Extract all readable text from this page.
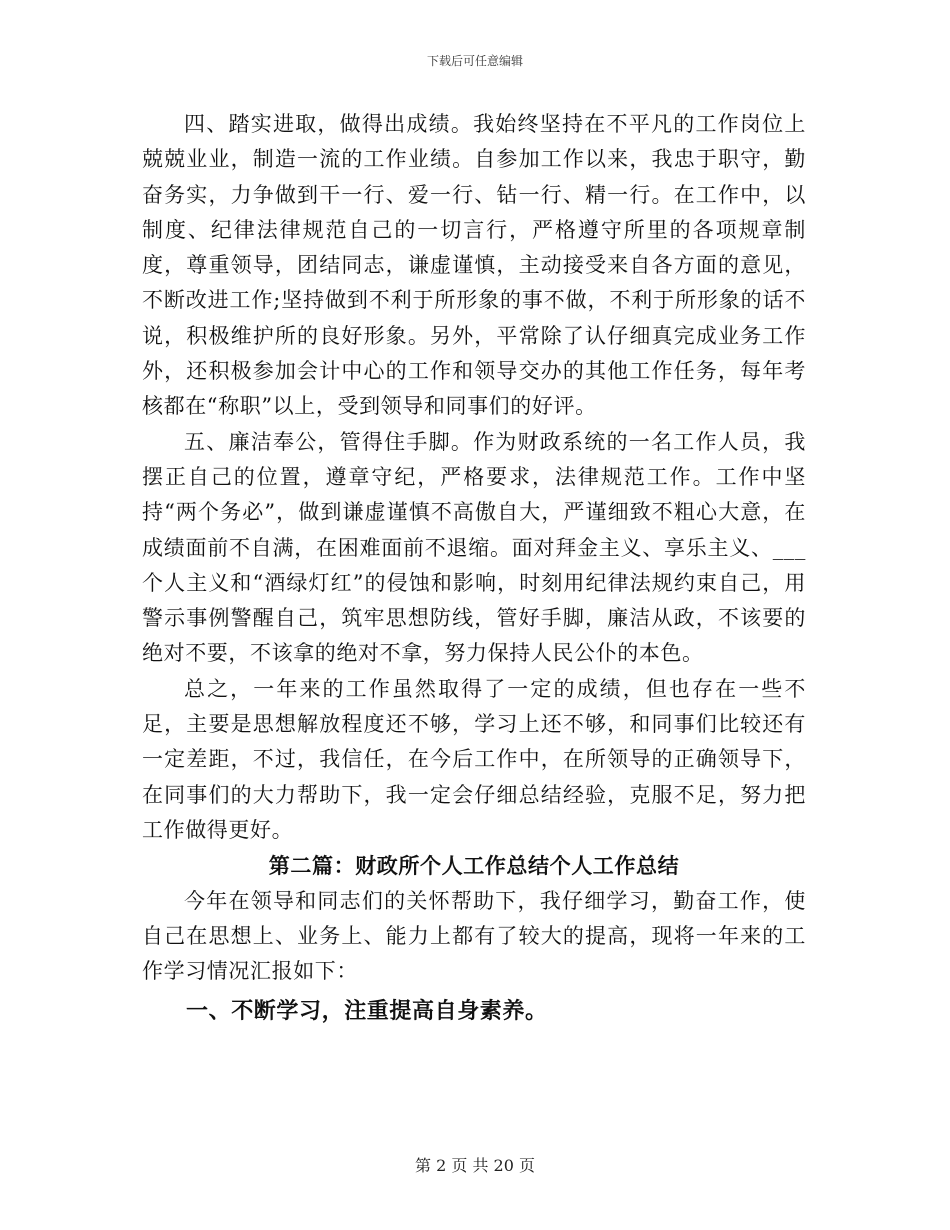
下载后可任意编辑

四、踏实进取，做得出成绩。我始终坚持在不平凡的工作岗位上兢兢业业，制造一流的工作业绩。自参加工作以来，我忠于职守，勤奋务实，力争做到干一行、爱一行、钻一行、精一行。在工作中，以制度、纪律法律规范自己的一切言行，严格遵守所里的各项规章制度，尊重领导，团结同志，谦虚谨慎，主动接受来自各方面的意见，不断改进工作;坚持做到不利于所形象的事不做，不利于所形象的话不说，积极维护所的良好形象。另外，平常除了认仔细真完成业务工作外，还积极参加会计中心的工作和领导交办的其他工作任务，每年考核都在“称职”以上，受到领导和同事们的好评。

五、廉洁奉公，管得住手脚。作为财政系统的一名工作人员，我摆正自己的位置，遵章守纪，严格要求，法律规范工作。工作中坚持“两个务必”，做到谦虚谨慎不高傲自大，严谨细致不粗心大意，在成绩面前不自满，在困难面前不退缩。面对拜金主义、享乐主义、___个人主义和“酒绿灯红”的侵蚀和影响，时刻用纪律法规约束自己，用警示事例警醒自己，筑牢思想防线，管好手脚，廉洁从政，不该要的绝对不要，不该拿的绝对不拿，努力保持人民公仆的本色。

总之，一年来的工作虽然取得了一定的成绩，但也存在一些不足，主要是思想解放程度还不够，学习上还不够，和同事们比较还有一定差距，不过，我信任，在今后工作中，在所领导的正确领导下，在同事们的大力帮助下，我一定会仔细总结经验，克服不足，努力把工作做得更好。

第二篇：财政所个人工作总结个人工作总结

今年在领导和同志们的关怀帮助下，我仔细学习，勤奋工作，使自己在思想上、业务上、能力上都有了较大的提高，现将一年来的工作学习情况汇报如下：

一、不断学习，注重提高自身素养。

第 2 页 共 20 页
